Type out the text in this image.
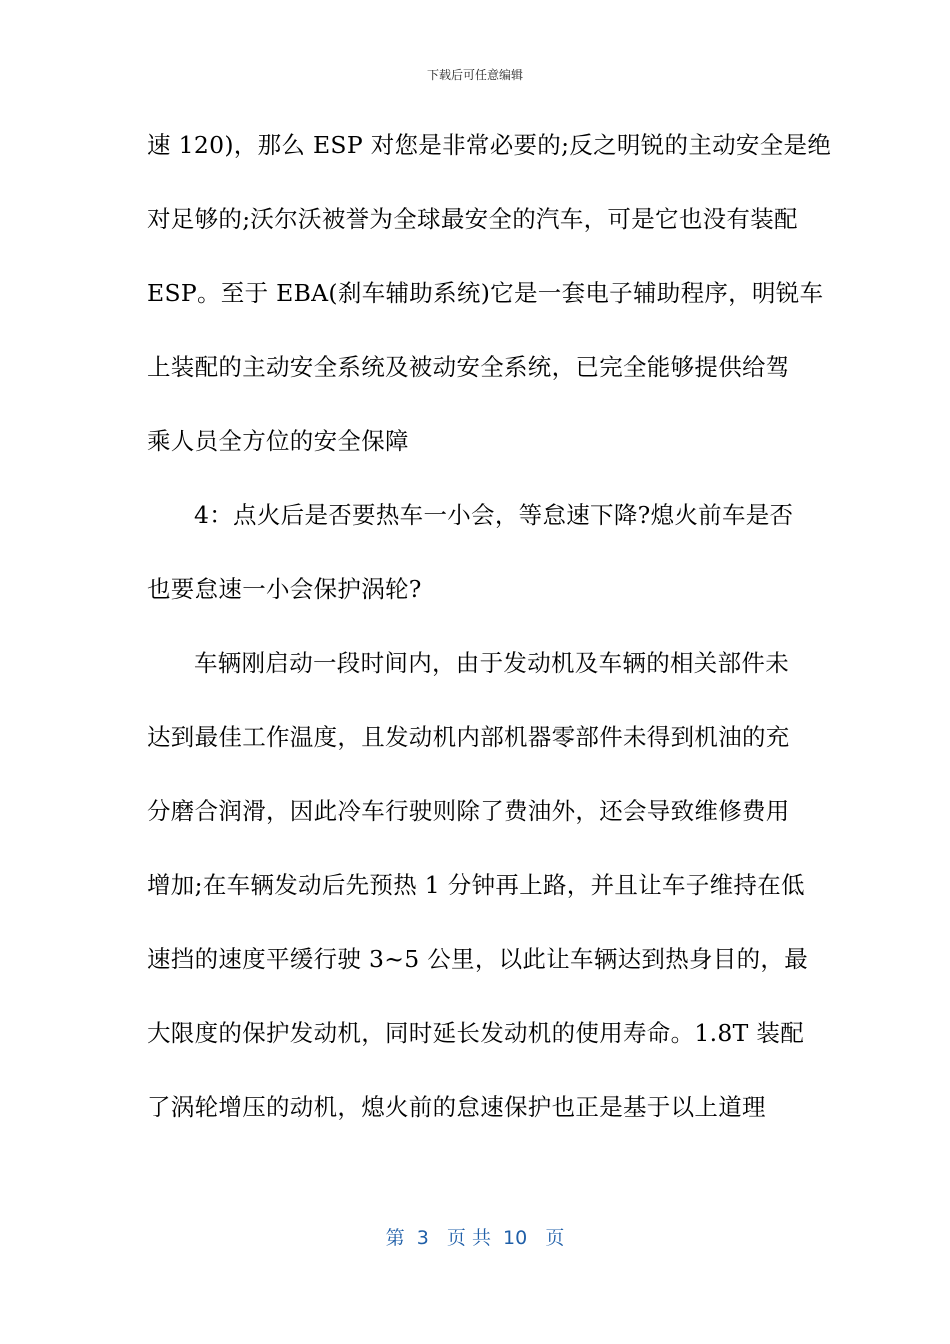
下载后可任意编辑
速 120)，那么 ESP 对您是非常必要的;反之明锐的主动安全是绝
对足够的;沃尔沃被誉为全球最安全的汽车，可是它也没有装配
ESP。至于 EBA(刹车辅助系统)它是一套电子辅助程序，明锐车
上装配的主动安全系统及被动安全系统，已完全能够提供给驾
乘人员全方位的安全保障
4：点火后是否要热车一小会，等怠速下降?熄火前车是否
也要怠速一小会保护涡轮?
车辆刚启动一段时间内，由于发动机及车辆的相关部件未
达到最佳工作温度，且发动机内部机器零部件未得到机油的充
分磨合润滑，因此冷车行驶则除了费油外，还会导致维修费用
增加;在车辆发动后先预热 1 分钟再上路，并且让车子维持在低
速挡的速度平缓行驶 3~5 公里，以此让车辆达到热身目的，最
大限度的保护发动机，同时延长发动机的使用寿命。1.8T 装配
了涡轮增压的动机，熄火前的怠速保护也正是基于以上道理
第  3   页 共  10   页
